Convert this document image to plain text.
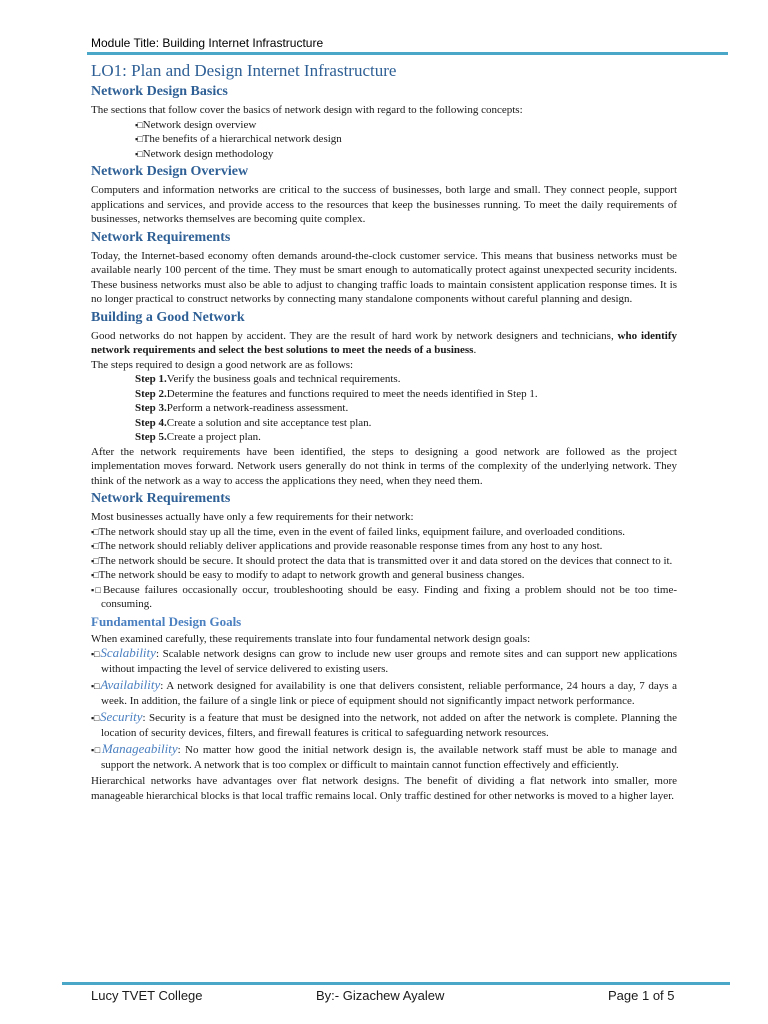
Module Title: Building Internet Infrastructure
LO1: Plan and Design Internet Infrastructure
Network Design Basics

The sections that follow cover the basics of network design with regard to the following concepts:

▪□Network design overview
▪□The benefits of a hierarchical network design
▪□Network design methodology
Network Design Overview

Computers and information networks are critical to the success of businesses, both large and small. They connect people, support applications and services, and provide access to the resources that keep the businesses running. To meet the daily requirements of businesses, networks themselves are becoming quite complex.

Network Requirements

Today, the Internet-based economy often demands around-the-clock customer service. This means that business networks must be available nearly 100 percent of the time. They must be smart enough to automatically protect against unexpected security incidents. These business networks must also be able to adjust to changing traffic loads to maintain consistent application response times. It is no longer practical to construct networks by connecting many standalone components without careful planning and design.

Building a Good Network

Good networks do not happen by accident. They are the result of hard work by network designers and technicians, who identify network requirements and select the best solutions to meet the needs of a business.

The steps required to design a good network are as follows:

Step 1.Verify the business goals and technical requirements.
Step 2.Determine the features and functions required to meet the needs identified in Step 1.
Step 3.Perform a network-readiness assessment.
Step 4.Create a solution and site acceptance test plan.
Step 5.Create a project plan.

After the network requirements have been identified, the steps to designing a good network are followed as the project implementation moves forward. Network users generally do not think in terms of the complexity of the underlying network. They think of the network as a way to access the applications they need, when they need them.

Network Requirements

Most businesses actually have only a few requirements for their network:

▪□The network should stay up all the time, even in the event of failed links, equipment failure, and overloaded conditions.
▪□The network should reliably deliver applications and provide reasonable response times from any host to any host.
▪□The network should be secure. It should protect the data that is transmitted over it and data stored on the devices that connect to it.
▪□The network should be easy to modify to adapt to network growth and general business changes.
▪□Because failures occasionally occur, troubleshooting should be easy. Finding and fixing a problem should not be too time-consuming.
Fundamental Design Goals

When examined carefully, these requirements translate into four fundamental network design goals:

▪□Scalability: Scalable network designs can grow to include new user groups and remote sites and can support new applications without impacting the level of service delivered to existing users.
▪□Availability: A network designed for availability is one that delivers consistent, reliable performance, 24 hours a day, 7 days a week. In addition, the failure of a single link or piece of equipment should not significantly impact network performance.
▪□Security: Security is a feature that must be designed into the network, not added on after the network is complete. Planning the location of security devices, filters, and firewall features is critical to safeguarding network resources.
▪□Manageability: No matter how good the initial network design is, the available network staff must be able to manage and support the network. A network that is too complex or difficult to maintain cannot function effectively and efficiently.

Hierarchical networks have advantages over flat network designs. The benefit of dividing a flat network into smaller, more manageable hierarchical blocks is that local traffic remains local. Only traffic destined for other networks is moved to a higher layer.

Lucy TVET College	By:- Gizachew Ayalew	Page 1 of 5
